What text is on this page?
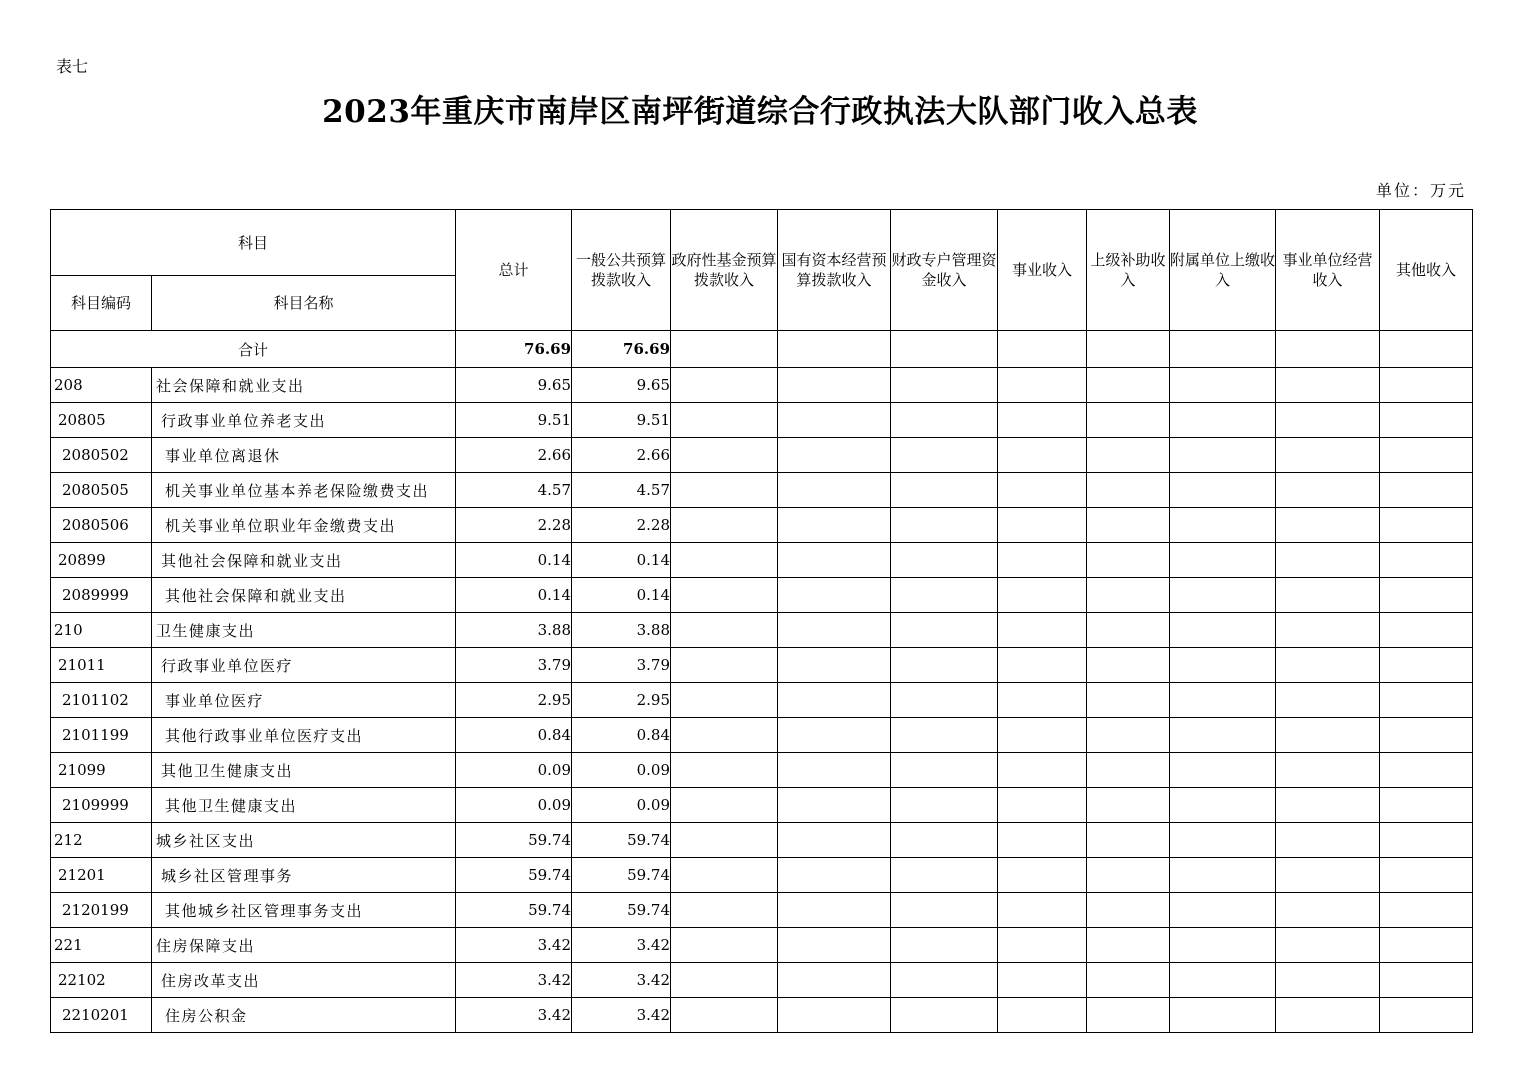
表七
2023年重庆市南岸区南坪街道综合行政执法大队部门收入总表
单位：万元
科目		总计	一般公共预算拨款收入	政府性基金预算拨款收入	国有资本经营预算拨款收入	财政专户管理资金收入	事业收入	上级补助收入	附属单位上缴收入	事业单位经营收入	其他收入
科目编码	科目名称										
合计		76.69	76.69								
208	社会保障和就业支出	9.65	9.65								
20805	行政事业单位养老支出	9.51	9.51								
2080502	事业单位离退休	2.66	2.66								
2080505	机关事业单位基本养老保险缴费支出	4.57	4.57								
2080506	机关事业单位职业年金缴费支出	2.28	2.28								
20899	其他社会保障和就业支出	0.14	0.14								
2089999	其他社会保障和就业支出	0.14	0.14								
210	卫生健康支出	3.88	3.88								
21011	行政事业单位医疗	3.79	3.79								
2101102	事业单位医疗	2.95	2.95								
2101199	其他行政事业单位医疗支出	0.84	0.84								
21099	其他卫生健康支出	0.09	0.09								
2109999	其他卫生健康支出	0.09	0.09								
212	城乡社区支出	59.74	59.74								
21201	城乡社区管理事务	59.74	59.74								
2120199	其他城乡社区管理事务支出	59.74	59.74								
221	住房保障支出	3.42	3.42								
22102	住房改革支出	3.42	3.42								
2210201	住房公积金	3.42	3.42								
